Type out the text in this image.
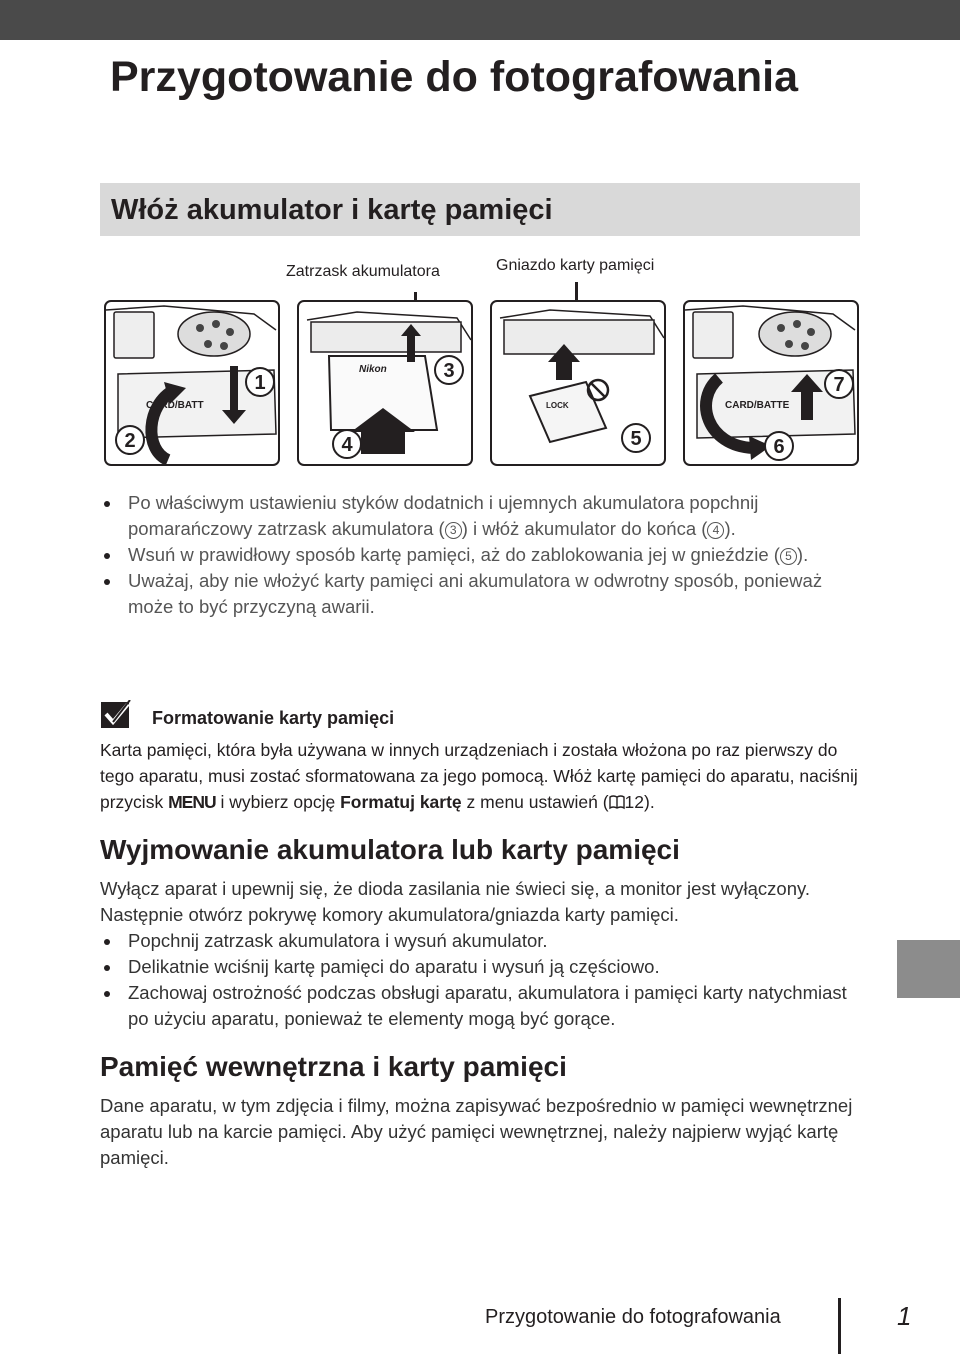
Przygotowanie do fotografowania
Włóż akumulator i kartę pamięci
Zatrzask akumulatora	Gniazdo karty pamięci
CARD/BATT
1
2
Nikon	3
4
LOCK
5
CARD/BATTE
7
6
Po właściwym ustawieniu styków dodatnich i ujemnych akumulatora popchnij pomarańczowy zatrzask akumulatora ( 3 ) i włóż akumulator do końca ( 4 ).
Wsuń w prawidłowy sposób kartę pamięci, aż do zablokowania jej w gnieździe ( 5 ).
Uważaj, aby nie włożyć karty pamięci ani akumulatora w odwrotny sposób, ponieważ może to być przyczyną awarii.
Formatowanie karty pamięci

Karta pamięci, która była używana w innych urządzeniach i została włożona po raz pierwszy do tego aparatu, musi zostać sformatowana za jego pomocą. Włóż kartę pamięci do aparatu, naciśnij przycisk MENU i wybierz opcję Formatuj kartę z menu ustawień ( 12).

Wyjmowanie akumulatora lub karty pamięci

Wyłącz aparat i upewnij się, że dioda zasilania nie świeci się, a monitor jest wyłączony. Następnie otwórz pokrywę komory akumulatora/gniazda karty pamięci.

Popchnij zatrzask akumulatora i wysuń akumulator.
Delikatnie wciśnij kartę pamięci do aparatu i wysuń ją częściowo.
Zachowaj ostrożność podczas obsługi aparatu, akumulatora i pamięci karty natychmiast po użyciu aparatu, ponieważ te elementy mogą być gorące.
Pamięć wewnętrzna i karty pamięci

Dane aparatu, w tym zdjęcia i filmy, można zapisywać bezpośrednio w pamięci wewnętrznej aparatu lub na karcie pamięci. Aby użyć pamięci wewnętrznej, należy najpierw wyjąć kartę pamięci.

Przygotowanie do fotografowania	1
